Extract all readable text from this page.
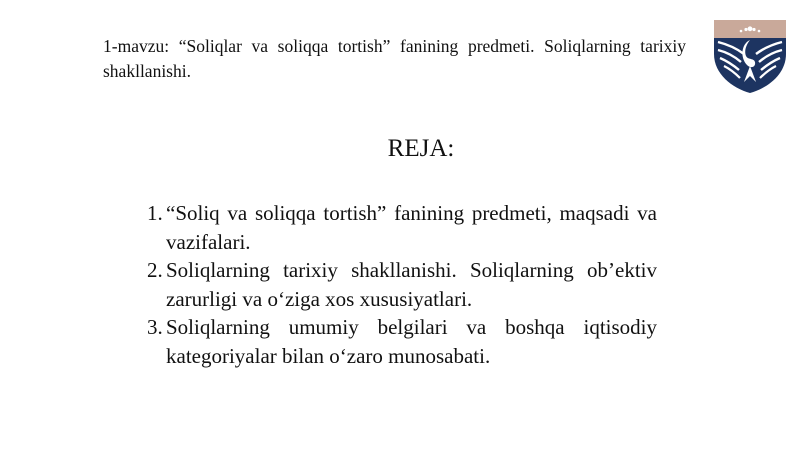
1-mavzu: “Soliqlar va soliqqa tortish” fanining predmeti. Soliqlarning tarixiy shakllanishi.

REJA:
1. “Soliq va soliqqa tortish” fanining predmeti, maqsadi va vazifalari.
2. Soliqlarning tarixiy shakllanishi. Soliqlarning ob’ektiv zarurligi va o‘ziga xos xususiyatlari.
3. Soliqlarning umumiy belgilari va boshqa iqtisodiy kategoriyalar bilan o‘zaro munosabati.
